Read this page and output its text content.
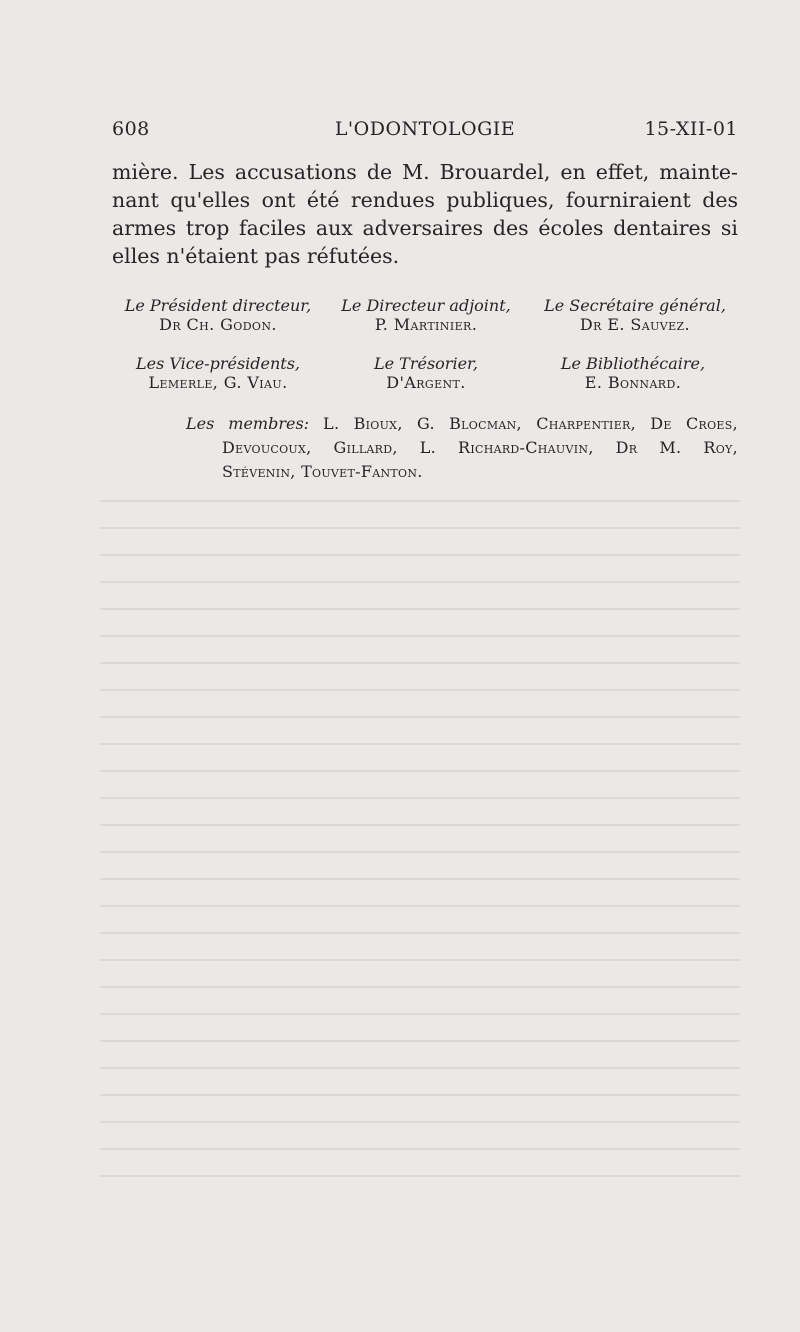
608	L'ODONTOLOGIE	15-XII-01
mière. Les accusations de M. Brouardel, en effet, mainte-
nant qu'elles ont été rendues publiques, fourniraient des
armes trop faciles aux adversaires des écoles dentaires si
elles n'étaient pas réfutées.
Le Président directeur,
Dr Ch. Godon.
Le Directeur adjoint,
P. Martinier.
Le Secrétaire général,
Dr E. Sauvez.
Les Vice-présidents,
Lemerle, G. Viau.
Le Trésorier,
D'Argent.
Le Bibliothécaire,
E. Bonnard.
Les membres: L. Bioux, G. Blocman, Charpentier, De Croes,
Devoucoux, Gillard, L. Richard-Chauvin, Dr M. Roy,
Stévenin, Touvet-Fanton.
